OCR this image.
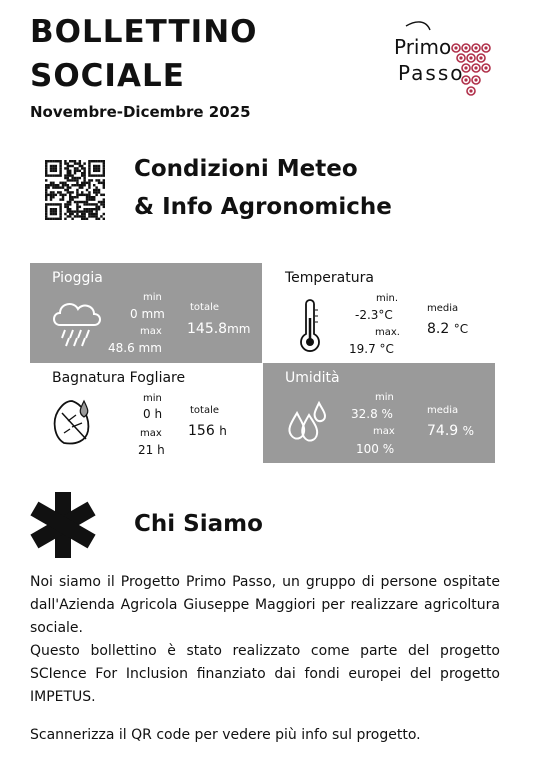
BOLLETTINO
SOCIALE
Novembre-Dicembre 2025
Primo
Passo
Condizioni Meteo
& Info Agronomiche
Pioggia
min
0 mm
max
48.6 mm
totale
145.8mm
Temperatura
min.
-2.3°C
max.
19.7 °C
media
8.2 °C
Bagnatura Fogliare
min
0 h
max
21 h
totale
156 h
Umidità
min
32.8 %
max
100 %
media
74.9 %
Chi Siamo
Noi siamo il Progetto Primo Passo, un gruppo di persone ospitate dall'Azienda Agricola Giuseppe Maggiori per realizzare agricoltura sociale.
Questo bollettino è stato realizzato come parte del progetto SCIence For Inclusion finanziato dai fondi europei del progetto IMPETUS.
Scannerizza il QR code per vedere più info sul progetto.
